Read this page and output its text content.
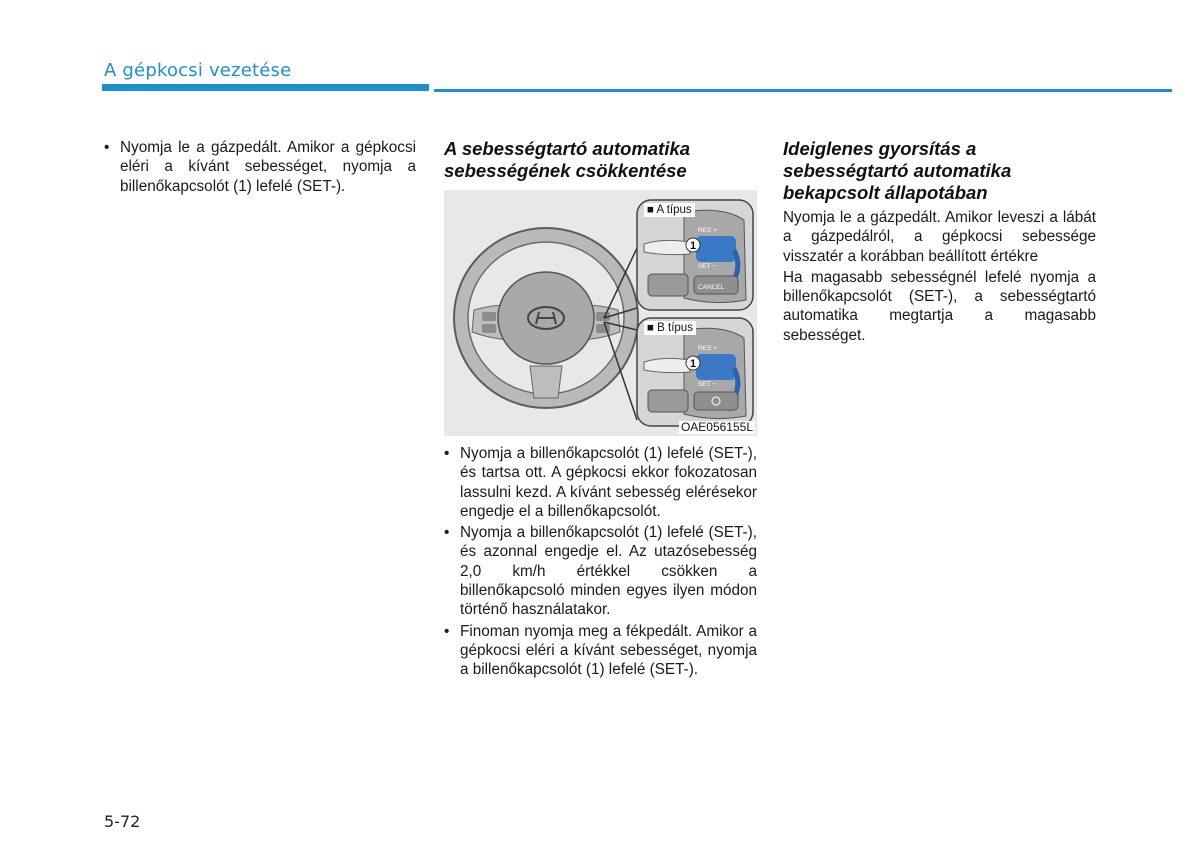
A gépkocsi vezetése
• Nyomja le a gázpedált. Amikor a gépkocsi eléri a kívánt sebességet, nyomja a billenőkapcsolót (1) lefelé (SET-).
A sebességtartó automatika sebességének csökkentése
1
RES +
SET −
CANCEL
1
RES +
SET −
■ A típus
■ B típus
OAE056155L
• Nyomja a billenőkapcsolót (1) lefelé (SET-), és tartsa ott. A gépkocsi ekkor fokozatosan lassulni kezd. A kívánt sebesség elérésekor engedje el a billenőkapcsolót.
• Nyomja a billenőkapcsolót (1) lefelé (SET-), és azonnal engedje el. Az utazósebesség 2,0 km/h értékkel csökken a billenőkapcsoló minden egyes ilyen módon történő használatakor.
• Finoman nyomja meg a fékpedált. Amikor a gépkocsi eléri a kívánt sebességet, nyomja a billenőkapcsolót (1) lefelé (SET-).
Ideiglenes gyorsítás a sebességtartó automatika bekapcsolt állapotában

Nyomja le a gázpedált. Amikor leveszi a lábát a gázpedálról, a gépkocsi sebessége visszatér a korábban beállított értékre

Ha magasabb sebességnél lefelé nyomja a billenőkapcsolót (SET-), a sebességtartó automatika megtartja a magasabb sebességet.

5-72
